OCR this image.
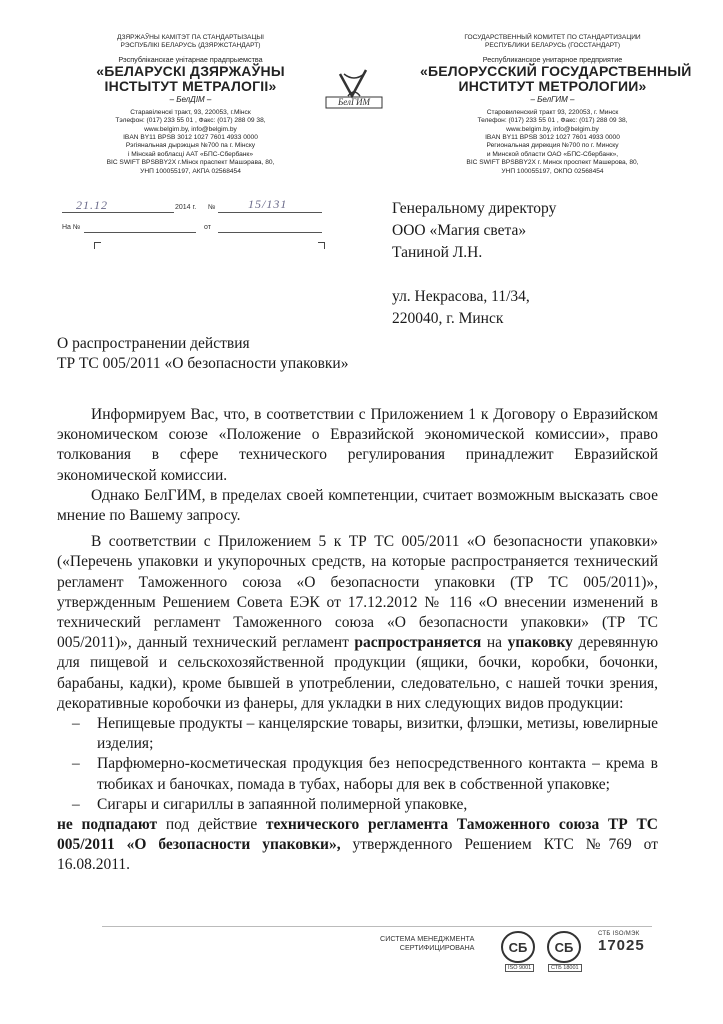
ДЗЯРЖАЎНЫ КАМІТЭТ ПА СТАНДАРТЫЗАЦЫІ
РЭСПУБЛІКІ БЕЛАРУСЬ (ДЗЯРЖСТАНДАРТ)
Рэспубліканскае унітарнае прадпрыемства
«БЕЛАРУСКІ ДЗЯРЖАЎНЫ
ІНСТЫТУТ МЕТРАЛОГІІ»
– БелДІМ –
Старавіленскі тракт, 93, 220053, г.Мінск
Тэлефон: (017) 233 55 01 , Факс: (017) 288 09 38,
www.belgim.by, info@belgim.by
IBAN BY11 BPSB 3012 1027 7601 4933 0000
Рэгіянальная дырэкцыя №700 па г. Мінску
і Мінскай вобласці ААТ «БПС-Сбербанк»
BIC SWIFT BPSBBY2X г.Мінск праспект Машэрава, 80,
УНП 100055197, АКПА 02568454
БелГИМ
ГОСУДАРСТВЕННЫЙ КОМИТЕТ ПО СТАНДАРТИЗАЦИИ
РЕСПУБЛИКИ БЕЛАРУСЬ (ГОССТАНДАРТ)
Республиканское унитарное предприятие
«БЕЛОРУССКИЙ ГОСУДАРСТВЕННЫЙ
ИНСТИТУТ МЕТРОЛОГИИ»
– БелГИМ –
Старовиленский тракт 93, 220053, г. Минск
Телефон: (017) 233 55 01 , Факс: (017) 288 09 38,
www.belgim.by, info@belgim.by
IBAN BY11 BPSB 3012 1027 7601 4933 0000
Региональная дирекция №700 по г. Минску
и Минской области ОАО «БПС-Сбербанк»,
BIC SWIFT BPSBBY2X г. Минск проспект Машерова, 80,
УНП 100055197, ОКПО 02568454
21.12	2014 г. №	15/131
На №	от
Генеральному директору
ООО «Магия света»
Таниной Л.Н.
ул. Некрасова, 11/34,
220040, г. Минск
О распространении действия
ТР ТС 005/2011 «О безопасности упаковки»

Информируем Вас, что, в соответствии с Приложением 1 к Договору о Евразийском экономическом союзе «Положение о Евразийской экономической комиссии», право толкования в сфере технического регулирования принадлежит Евразийской экономической комиссии.

Однако БелГИМ, в пределах своей компетенции, считает возможным высказать свое мнение по Вашему запросу.

В соответствии с Приложением 5 к ТР ТС 005/2011 «О безопасности упаковки» («Перечень упаковки и укупорочных средств, на которые распространяется технический регламент Таможенного союза «О безопасности упаковки (ТР ТС 005/2011)», утвержденным Решением Совета ЕЭК от 17.12.2012 № 116 «О внесении изменений в технический регламент Таможенного союза «О безопасности упаковки» (ТР ТС 005/2011)», данный технический регламент распространяется на упаковку деревянную для пищевой и сельскохозяйственной продукции (ящики, бочки, коробки, бочонки, барабаны, кадки), кроме бывшей в употреблении, следовательно, с нашей точки зрения, декоративные коробочки из фанеры, для укладки в них следующих видов продукции:

– Непищевые продукты – канцелярские товары, визитки, флэшки, метизы, ювелирные изделия;
– Парфюмерно-косметическая продукция без непосредственного контакта – крема в тюбиках и баночках, помада в тубах, наборы для век в собственной упаковке;
– Сигары и сигариллы в запаянной полимерной упаковке,

не подпадают под действие технического регламента Таможенного союза ТР ТС 005/2011 «О безопасности упаковки», утвержденного Решением КТС №769 от 16.08.2011.

СИСТЕМА МЕНЕДЖМЕНТА
СЕРТИФИЦИРОВАНА	СБ
ISO 9001
СБ
СТБ 18001
СТБ ISO/МЭК
17025
